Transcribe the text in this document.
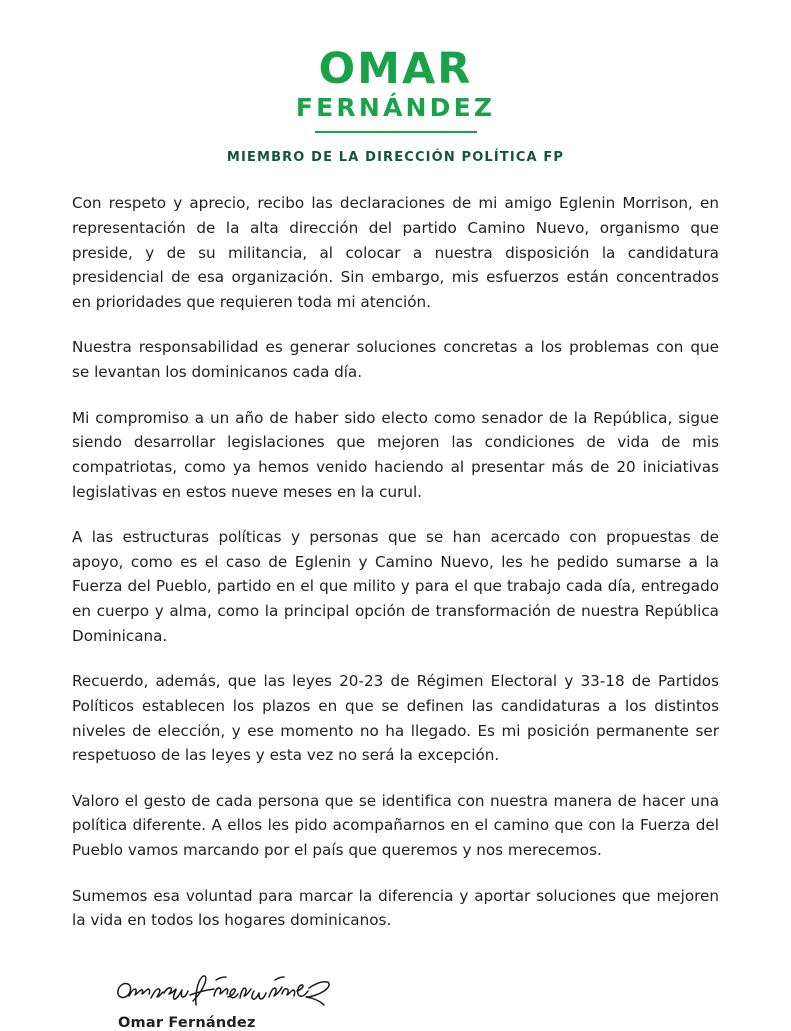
OMAR
FERNÁNDEZ
MIEMBRO DE LA DIRECCIÓN POLÍTICA FP

Con respeto y aprecio, recibo las declaraciones de mi amigo Eglenin Morrison, en representación de la alta dirección del partido Camino Nuevo, organismo que preside, y de su militancia, al colocar a nuestra disposición la candidatura presidencial de esa organización. Sin embargo, mis esfuerzos están concentrados en prioridades que requieren toda mi atención.

Nuestra responsabilidad es generar soluciones concretas a los problemas con que se levantan los dominicanos cada día.

Mi compromiso a un año de haber sido electo como senador de la República, sigue siendo desarrollar legislaciones que mejoren las condiciones de vida de mis compatriotas, como ya hemos venido haciendo al presentar más de 20 iniciativas legislativas en estos nueve meses en la curul.

A las estructuras políticas y personas que se han acercado con propuestas de apoyo, como es el caso de Eglenin y Camino Nuevo, les he pedido sumarse a la Fuerza del Pueblo, partido en el que milito y para el que trabajo cada día, entregado en cuerpo y alma, como la principal opción de transformación de nuestra República Dominicana.

Recuerdo, además, que las leyes 20-23 de Régimen Electoral y 33-18 de Partidos Políticos establecen los plazos en que se definen las candidaturas a los distintos niveles de elección, y ese momento no ha llegado. Es mi posición permanente ser respetuoso de las leyes y esta vez no será la excepción.

Valoro el gesto de cada persona que se identifica con nuestra manera de hacer una política diferente. A ellos les pido acompañarnos en el camino que con la Fuerza del Pueblo vamos marcando por el país que queremos y nos merecemos.

Sumemos esa voluntad para marcar la diferencia y aportar soluciones que mejoren la vida en todos los hogares dominicanos.

Omar Fernández
